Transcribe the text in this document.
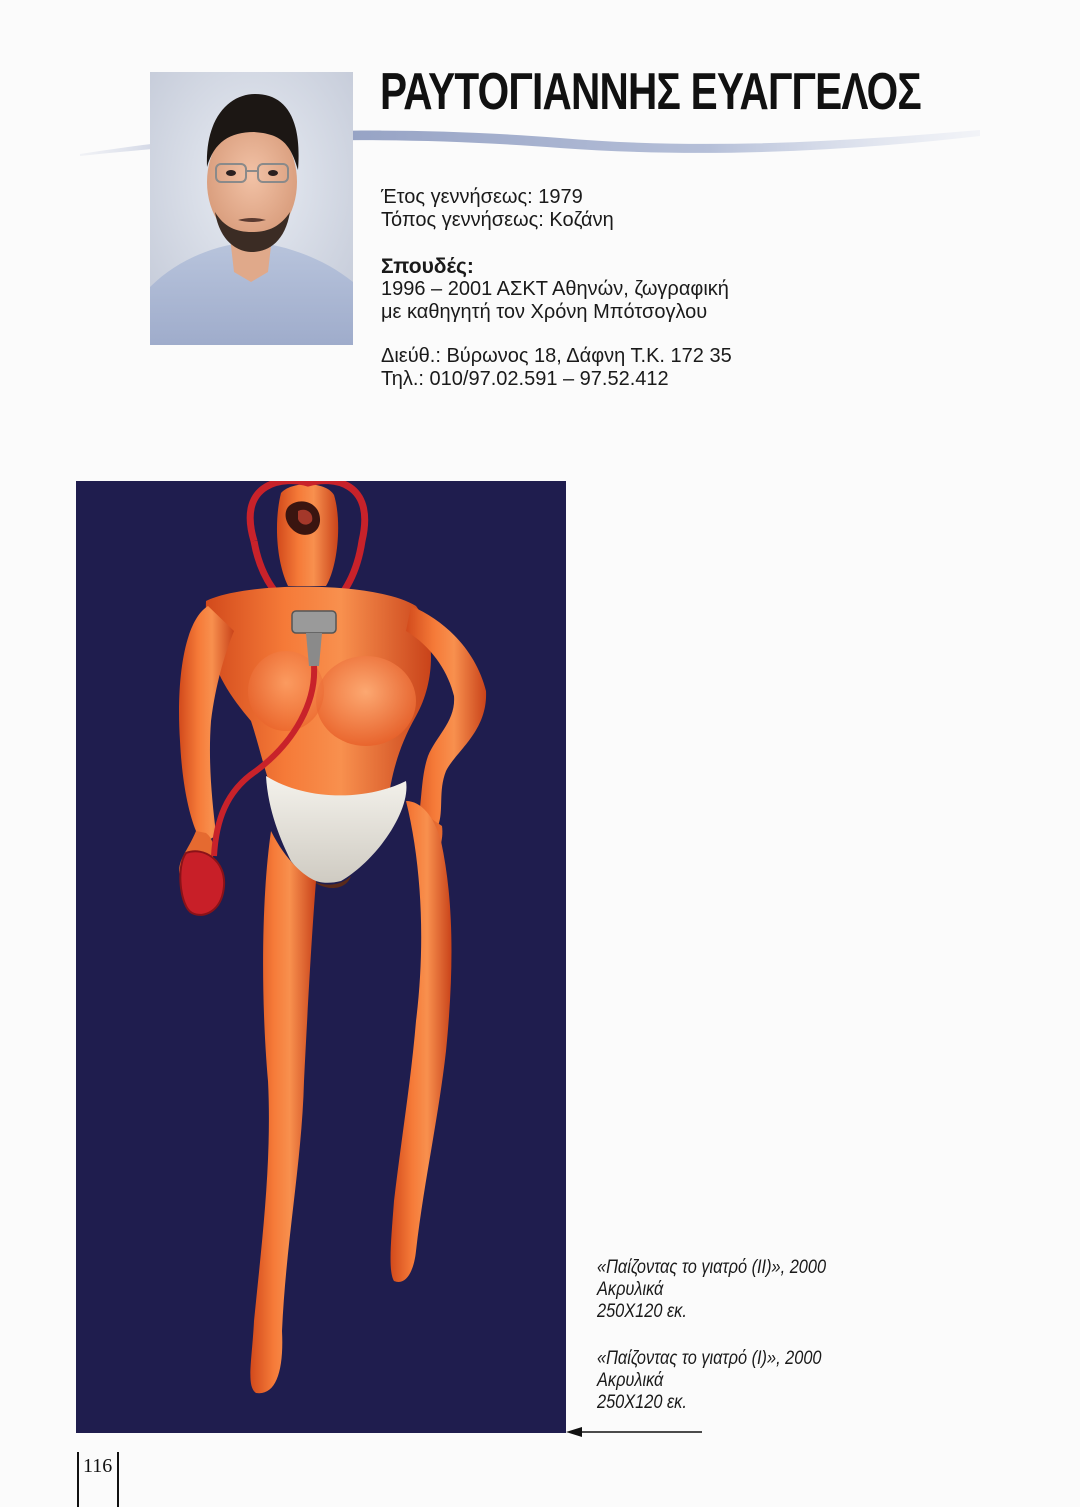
ΡΑΥΤΟΓΙΑΝΝΗΣ ΕΥΑΓΓΕΛΟΣ
Έτος γεννήσεως: 1979
Τόπος γεννήσεως: Κοζάνη
Σπουδές:
1996 – 2001 ΑΣΚΤ Αθηνών, ζωγραφική
με καθηγητή τον Χρόνη Μπότσογλου
Διεύθ.: Βύρωνος 18, Δάφνη Τ.Κ. 172 35
Τηλ.: 010/97.02.591 – 97.52.412
«Παίζοντας το γιατρό (ΙΙ)», 2000
Ακρυλικά
250Χ120 εκ.
«Παίζοντας το γιατρό (Ι)», 2000
Ακρυλικά
250Χ120 εκ.
116
